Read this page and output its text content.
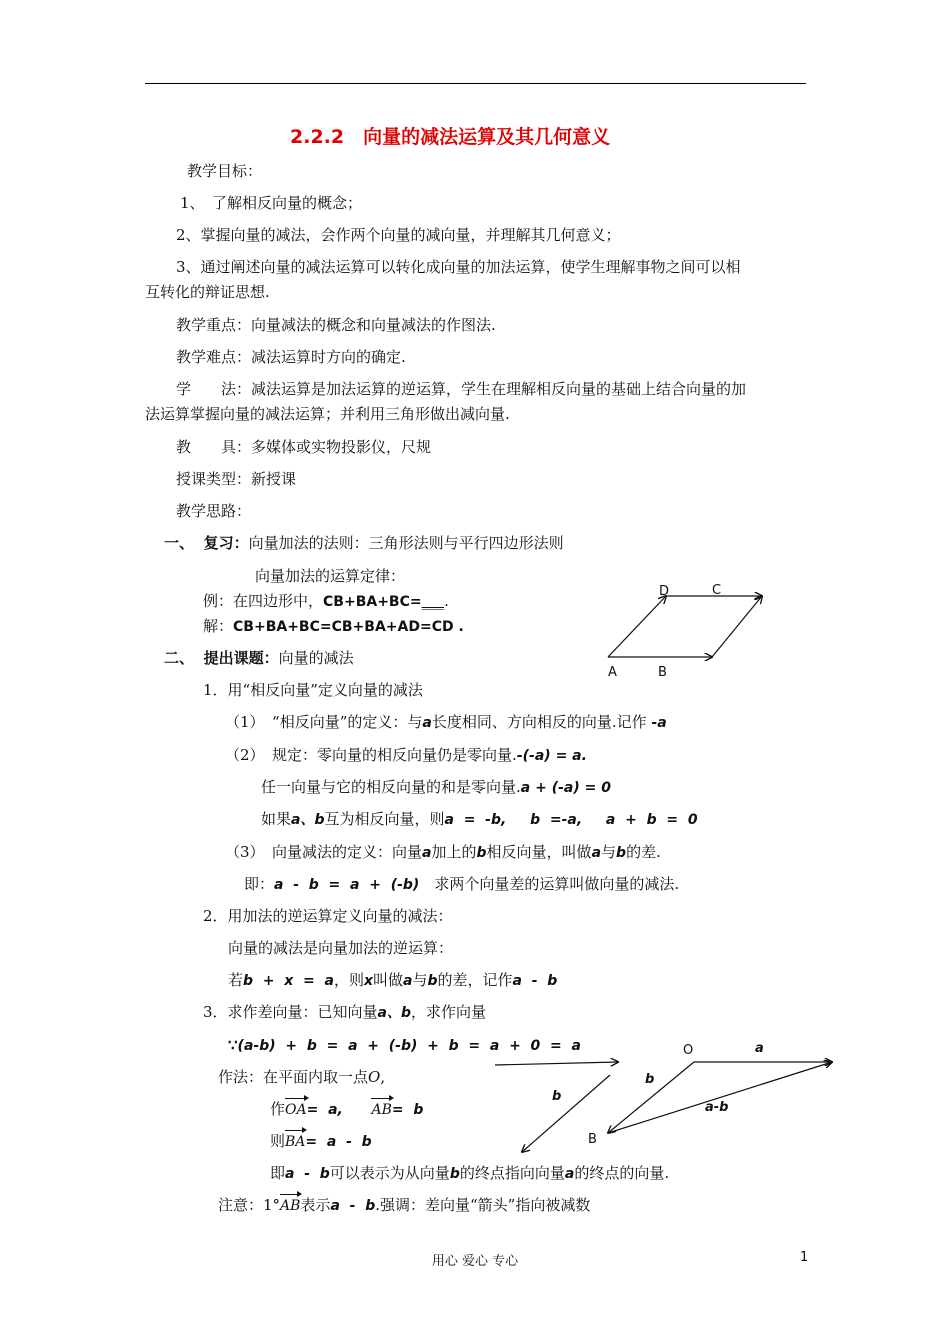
2.2.2　向量的减法运算及其几何意义
教学目标：
1、　了解相反向量的概念；
2、掌握向量的减法，会作两个向量的减向量，并理解其几何意义；
3、通过阐述向量的减法运算可以转化成向量的加法运算，使学生理解事物之间可以相
互转化的辩证思想.
教学重点：向量减法的概念和向量减法的作图法.
教学难点：减法运算时方向的确定.
学　　法：减法运算是加法运算的逆运算，学生在理解相反向量的基础上结合向量的加
法运算掌握向量的减法运算；并利用三角形做出减向量.
教　　具：多媒体或实物投影仪，尺规
授课类型：新授课
教学思路：
一、 复习：向量加法的法则：三角形法则与平行四边形法则
向量加法的运算定律：
例：在四边形中，CB+BA+BC=___.
解：CB+BA+BC=CB+BA+AD=CD .
D	C
A	B
二、 提出课题：向量的减法
1．用“相反向量”定义向量的减法
（1）　“相反向量”的定义：与a长度相同、方向相反的向量.记作 -a
（2）　规定：零向量的相反向量仍是零向量.-(-a) = a.
任一向量与它的相反向量的和是零向量.a + (-a) = 0
如果a、b互为相反向量，则a  =  -b,　  b  =-a,　  a  +  b  =  0
（3）　向量减法的定义：向量a加上的b相反向量，叫做a与b的差.
即：a  -  b  =  a  +  (-b)　求两个向量差的运算叫做向量的减法.
2．用加法的逆运算定义向量的减法：
向量的减法是向量加法的逆运算：
若b  +  x  =  a，则x叫做a与b的差，记作a  -  b
3．求作差向量：已知向量a、b，求作向量
∵(a-b)  +  b  =  a  +  (-b)  +  b  =  a  +  0  =  a
作法：在平面内取一点O,
作OA=  a, AB=  b
则BA=  a  -  b
即a  -  b可以表示为从向量b的终点指向向量a的终点的向量.
注意：1°AB表示a  -  b.强调：差向量“箭头”指向被减数
b
O	a
b
a-b
B
用心 爱心 专心	1
